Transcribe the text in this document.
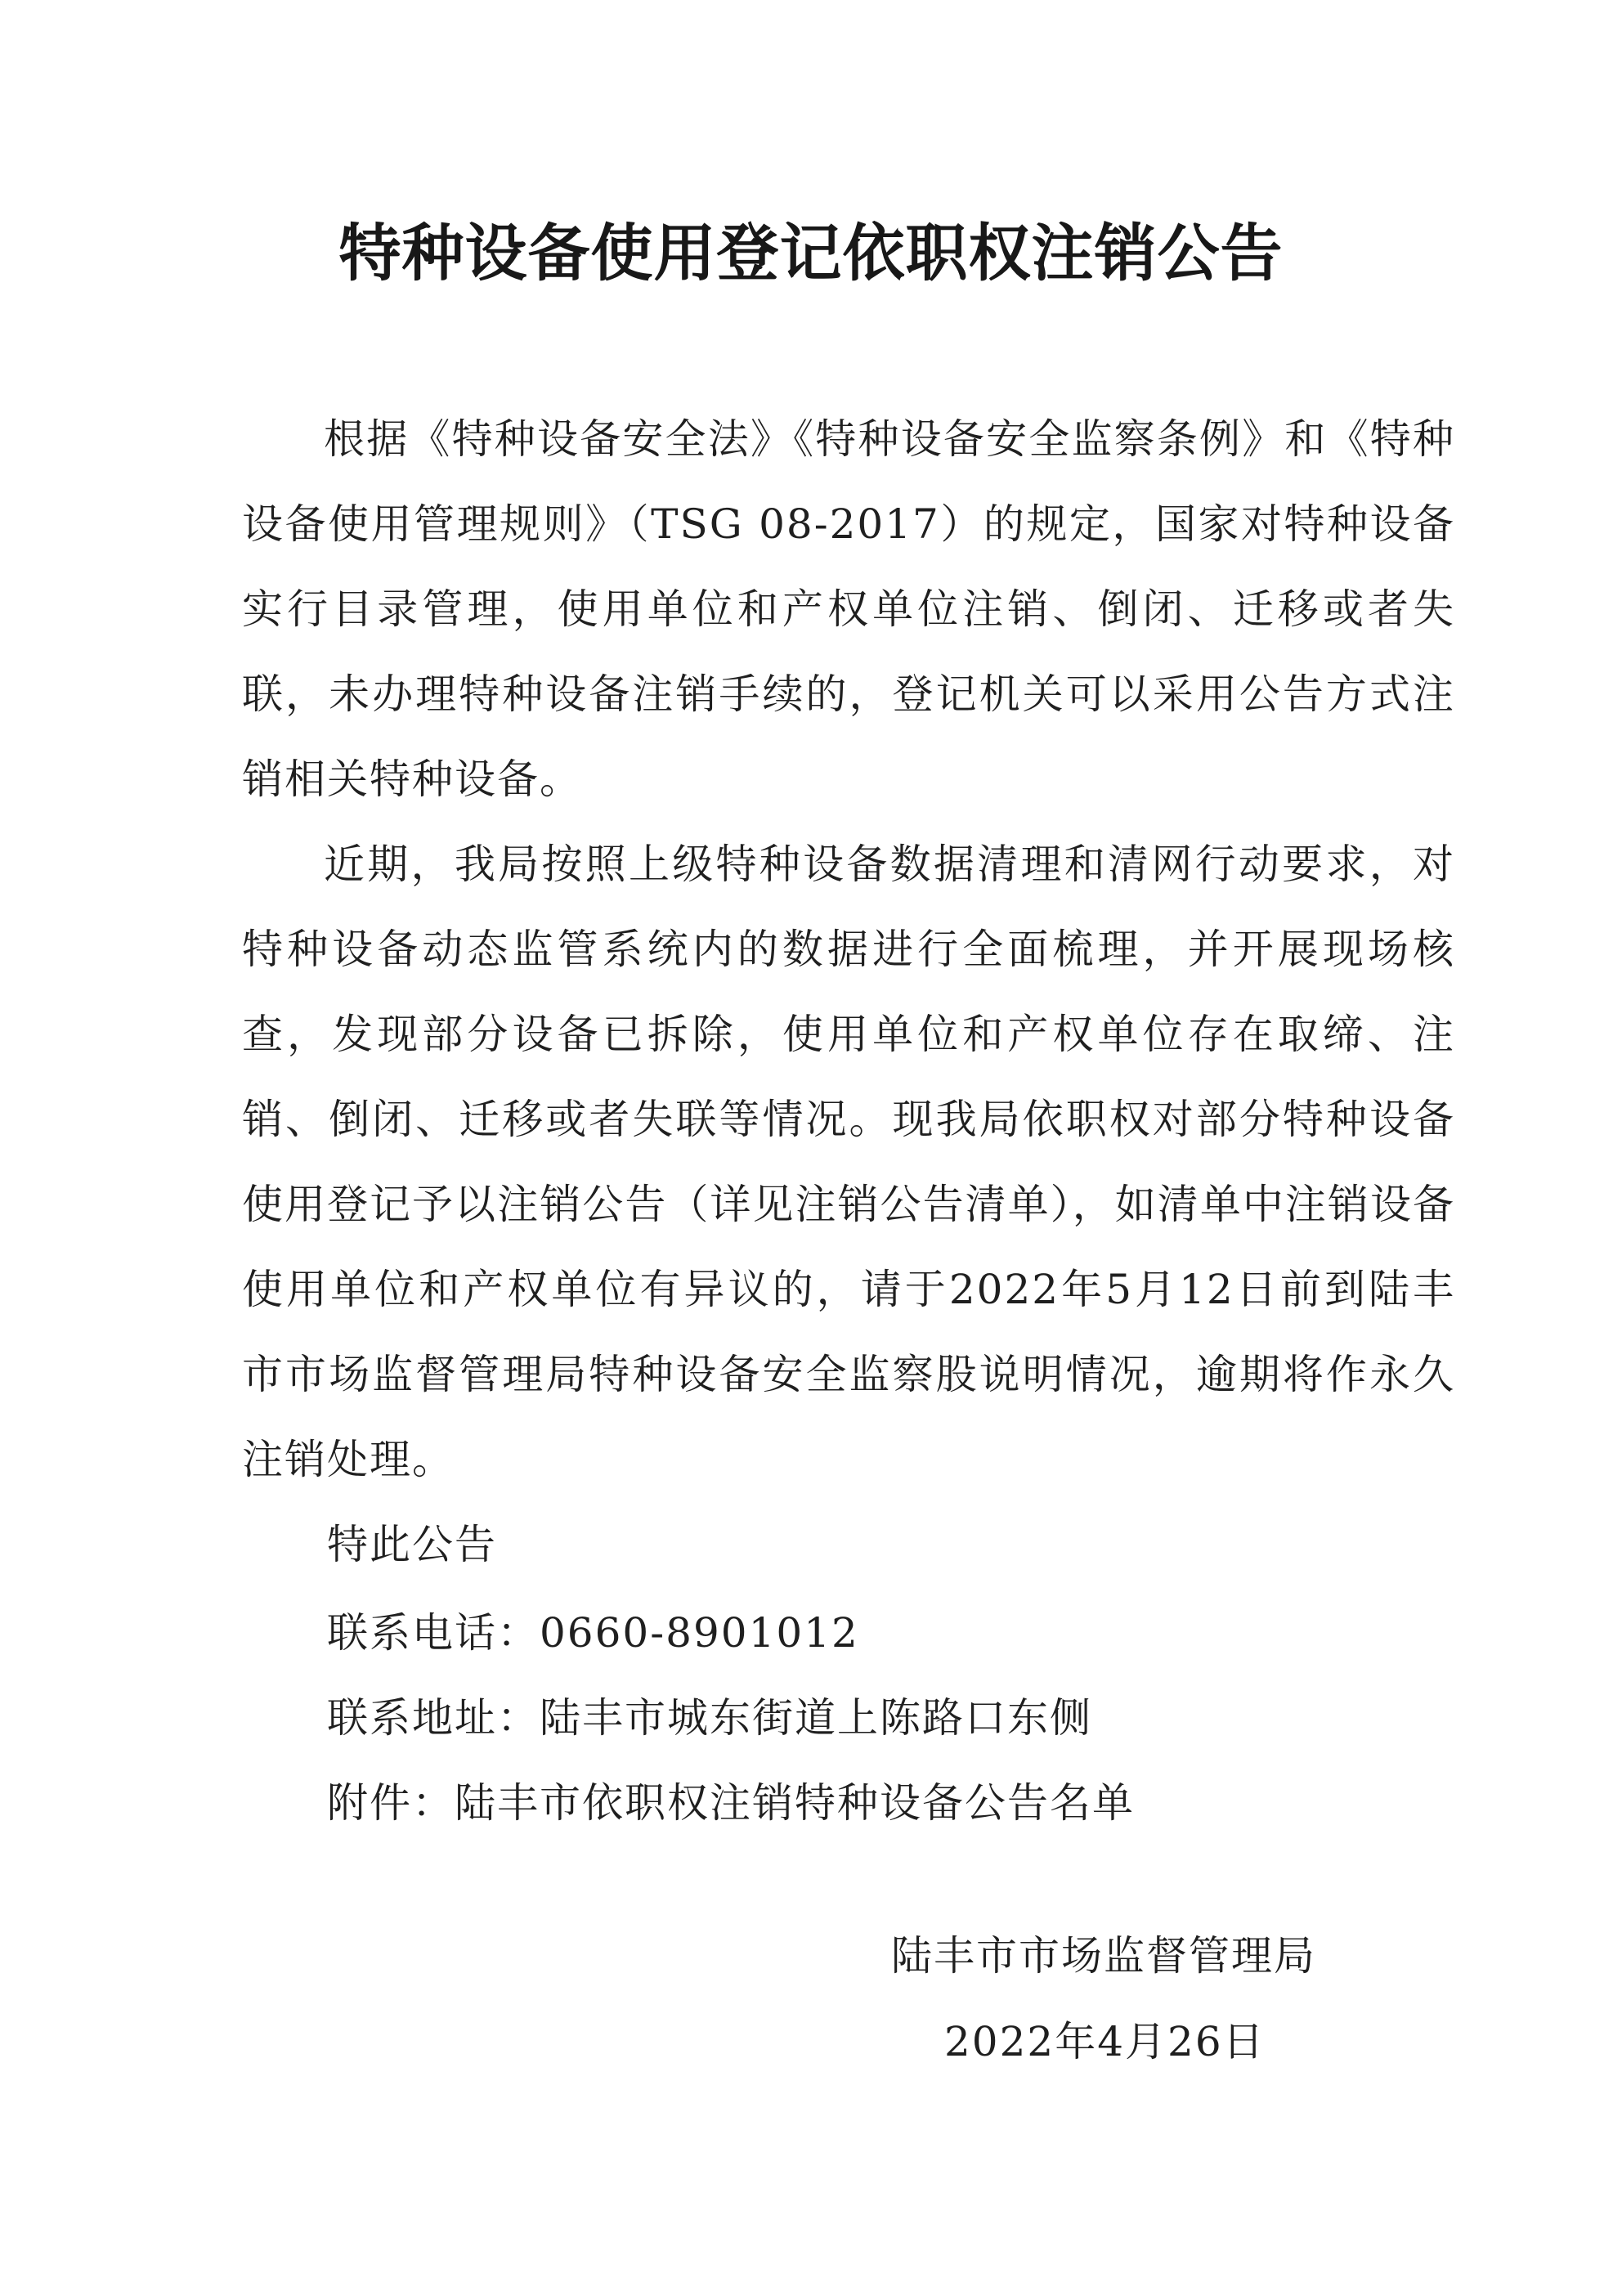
特种设备使用登记依职权注销公告

根据《特种设备安全法》《特种设备安全监察条例》和《特种设备使用管理规则》（TSG 08-2017）的规定，国家对特种设备实行目录管理，使用单位和产权单位注销、倒闭、迁移或者失联，未办理特种设备注销手续的，登记机关可以采用公告方式注销相关特种设备。

近期，我局按照上级特种设备数据清理和清网行动要求，对特种设备动态监管系统内的数据进行全面梳理，并开展现场核查，发现部分设备已拆除，使用单位和产权单位存在取缔、注销、倒闭、迁移或者失联等情况。现我局依职权对部分特种设备使用登记予以注销公告（详见注销公告清单），如清单中注销设备使用单位和产权单位有异议的，请于2022年5月12日前到陆丰市市场监督管理局特种设备安全监察股说明情况，逾期将作永久注销处理。

特此公告

联系电话：0660-8901012

联系地址：陆丰市城东街道上陈路口东侧

附件：陆丰市依职权注销特种设备公告名单

陆丰市市场监督管理局
2022年4月26日
